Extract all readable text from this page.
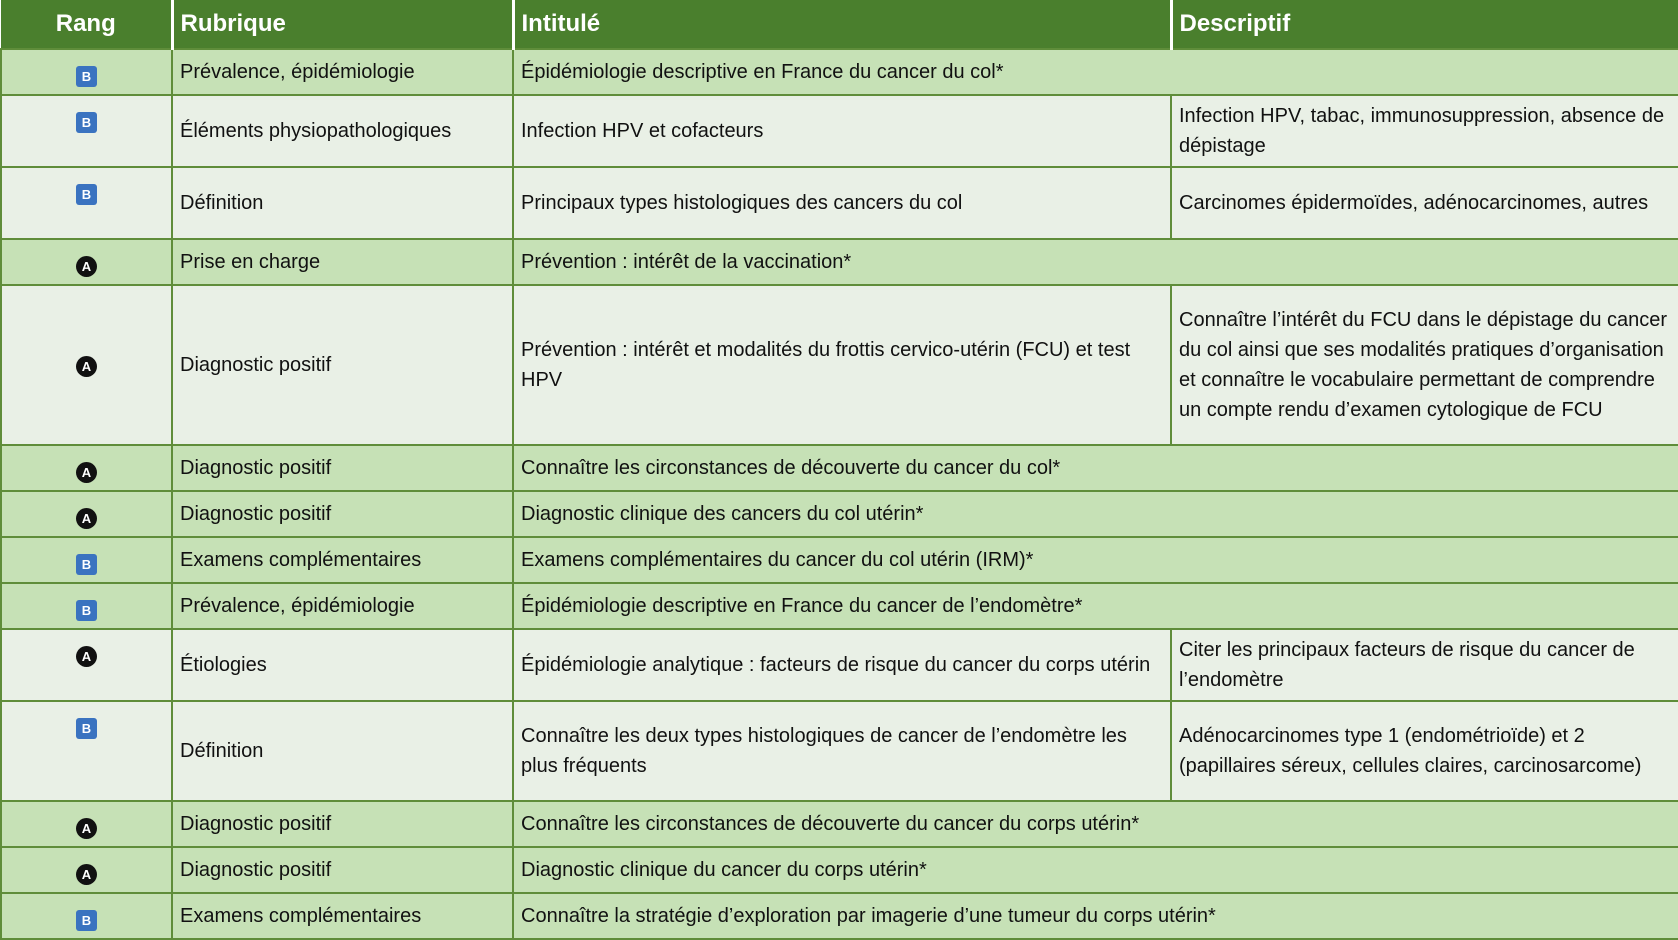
Rang	Rubrique	Intitulé	Descriptif
B	Prévalence, épidémiologie	Épidémiologie descriptive en France du cancer du col*	
B	Éléments physiopathologiques	Infection HPV et cofacteurs	Infection HPV, tabac, immunosuppression, absence de dépistage
B	Définition	Principaux types histologiques des cancers du col	Carcinomes épidermoïdes, adénocarcinomes, autres
A	Prise en charge	Prévention : intérêt de la vaccination*	
A	Diagnostic positif	Prévention : intérêt et modalités du frottis cervico-utérin (FCU) et test HPV	Connaître l’intérêt du FCU dans le dépistage du cancer du col ainsi que ses modalités pratiques d’organisation et connaître le vocabulaire permettant de comprendre un compte rendu d’examen cytologique de FCU
A	Diagnostic positif	Connaître les circonstances de découverte du cancer du col*	
A	Diagnostic positif	Diagnostic clinique des cancers du col utérin*	
B	Examens complémentaires	Examens complémentaires du cancer du col utérin (IRM)*	
B	Prévalence, épidémiologie	Épidémiologie descriptive en France du cancer de l’endomètre*	
A	Étiologies	Épidémiologie analytique : facteurs de risque du cancer du corps utérin	Citer les principaux facteurs de risque du cancer de l’endomètre
B	Définition	Connaître les deux types histologiques de cancer de l’endomètre les plus fréquents	Adénocarcinomes type 1 (endométrioïde) et 2 (papillaires séreux, cellules claires, carcinosarcome)
A	Diagnostic positif	Connaître les circonstances de découverte du cancer du corps utérin*	
A	Diagnostic positif	Diagnostic clinique du cancer du corps utérin*	
B	Examens complémentaires	Connaître la stratégie d’exploration par imagerie d’une tumeur du corps utérin*	
